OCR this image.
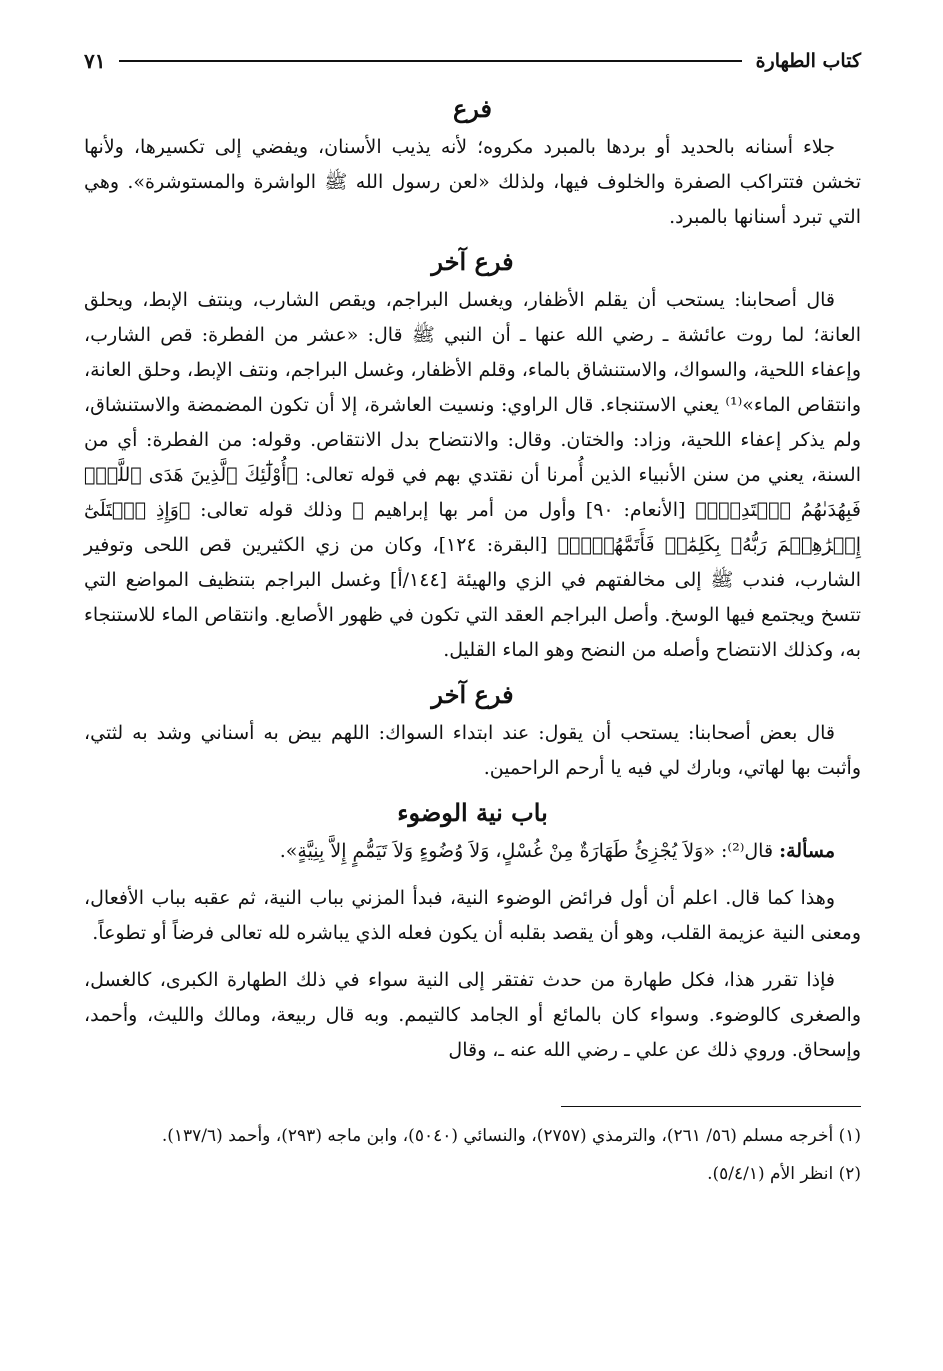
كتاب الطهارة
٧١
فرع

جلاء أسنانه بالحديد أو بردها بالمبرد مكروه؛ لأنه يذيب الأسنان، ويفضي إلى تكسيرها، ولأنها تخشن فتتراكب الصفرة والخلوف فيها، ولذلك «لعن رسول الله ﷺ الواشرة والمستوشرة». وهي التي تبرد أسنانها بالمبرد.

فرع آخر

قال أصحابنا: يستحب أن يقلم الأظفار، ويغسل البراجم، ويقص الشارب، وينتف الإبط، ويحلق العانة؛ لما روت عائشة ـ رضي الله عنها ـ أن النبي ﷺ قال: «عشر من الفطرة: قص الشارب، وإعفاء اللحية، والسواك، والاستنشاق بالماء، وقلم الأظفار، وغسل البراجم، ونتف الإبط، وحلق العانة، وانتقاص الماء»⁽¹⁾ يعني الاستنجاء. قال الراوي: ونسيت العاشرة، إلا أن تكون المضمضة والاستنشاق، ولم يذكر إعفاء اللحية، وزاد: والختان. وقال: والانتضاح بدل الانتقاص. وقوله: من الفطرة: أي من السنة، يعني من سنن الأنبياء الذين أُمرنا أن نقتدي بهم في قوله تعالى: ﴿أُوْلَٰٓئِكَ ٱلَّذِينَ هَدَى ٱللَّهُۖ فَبِهُدَىٰهُمُ ٱقۡتَدِهۡۗ﴾ [الأنعام: ٩٠] وأول من أمر بها إبراهيم ﷺ وذلك قوله تعالى: ﴿وَإِذِ ٱبۡتَلَىٰٓ إِبۡرَٰهِـۧمَ رَبُّهُۥ بِكَلِمَٰتٖ فَأَتَمَّهُنَّۖ﴾ [البقرة: ١٢٤]، وكان من زي الكثيرين قص اللحى وتوفير الشارب، فندب ﷺ إلى مخالفتهم في الزي والهيئة [١٤٤/أ] وغسل البراجم بتنظيف المواضع التي تتسخ ويجتمع فيها الوسخ. وأصل البراجم العقد التي تكون في ظهور الأصابع. وانتقاص الماء للاستنجاء به، وكذلك الانتضاح وأصله من النضح وهو الماء القليل.

فرع آخر

قال بعض أصحابنا: يستحب أن يقول: عند ابتداء السواك: اللهم بيض به أسناني وشد به لثتي، وأثبت بها لهاتي، وبارك لي فيه يا أرحم الراحمين.

باب نية الوضوء

مسألة: قال⁽²⁾: «وَلاَ يُجْزِئُ طَهَارَةٌ مِنْ غُسْلٍ، وَلاَ وُضُوءٍ وَلاَ تَيَمُّمٍ إِلاَّ بِنِيَّةٍ».

وهذا كما قال. اعلم أن أول فرائض الوضوء النية، فبدأ المزني بباب النية، ثم عقبه بباب الأفعال، ومعنى النية عزيمة القلب، وهو أن يقصد بقلبه أن يكون فعله الذي يباشره لله تعالى فرضاً أو تطوعاً.

فإذا تقرر هذا، فكل طهارة من حدث تفتقر إلى النية سواء في ذلك الطهارة الكبرى، كالغسل، والصغرى كالوضوء. وسواء كان بالمائع أو الجامد كالتيمم. وبه قال ربيعة، ومالك والليث، وأحمد، وإسحاق. وروي ذلك عن علي ـ رضي الله عنه ـ، وقال

(١) أخرجه مسلم (٥٦/ ٢٦١)، والترمذي (٢٧٥٧)، والنسائي (٥٠٤٠)، وابن ماجه (٢٩٣)، وأحمد (١٣٧/٦).

(٢) انظر الأم (٥/٤/١).
